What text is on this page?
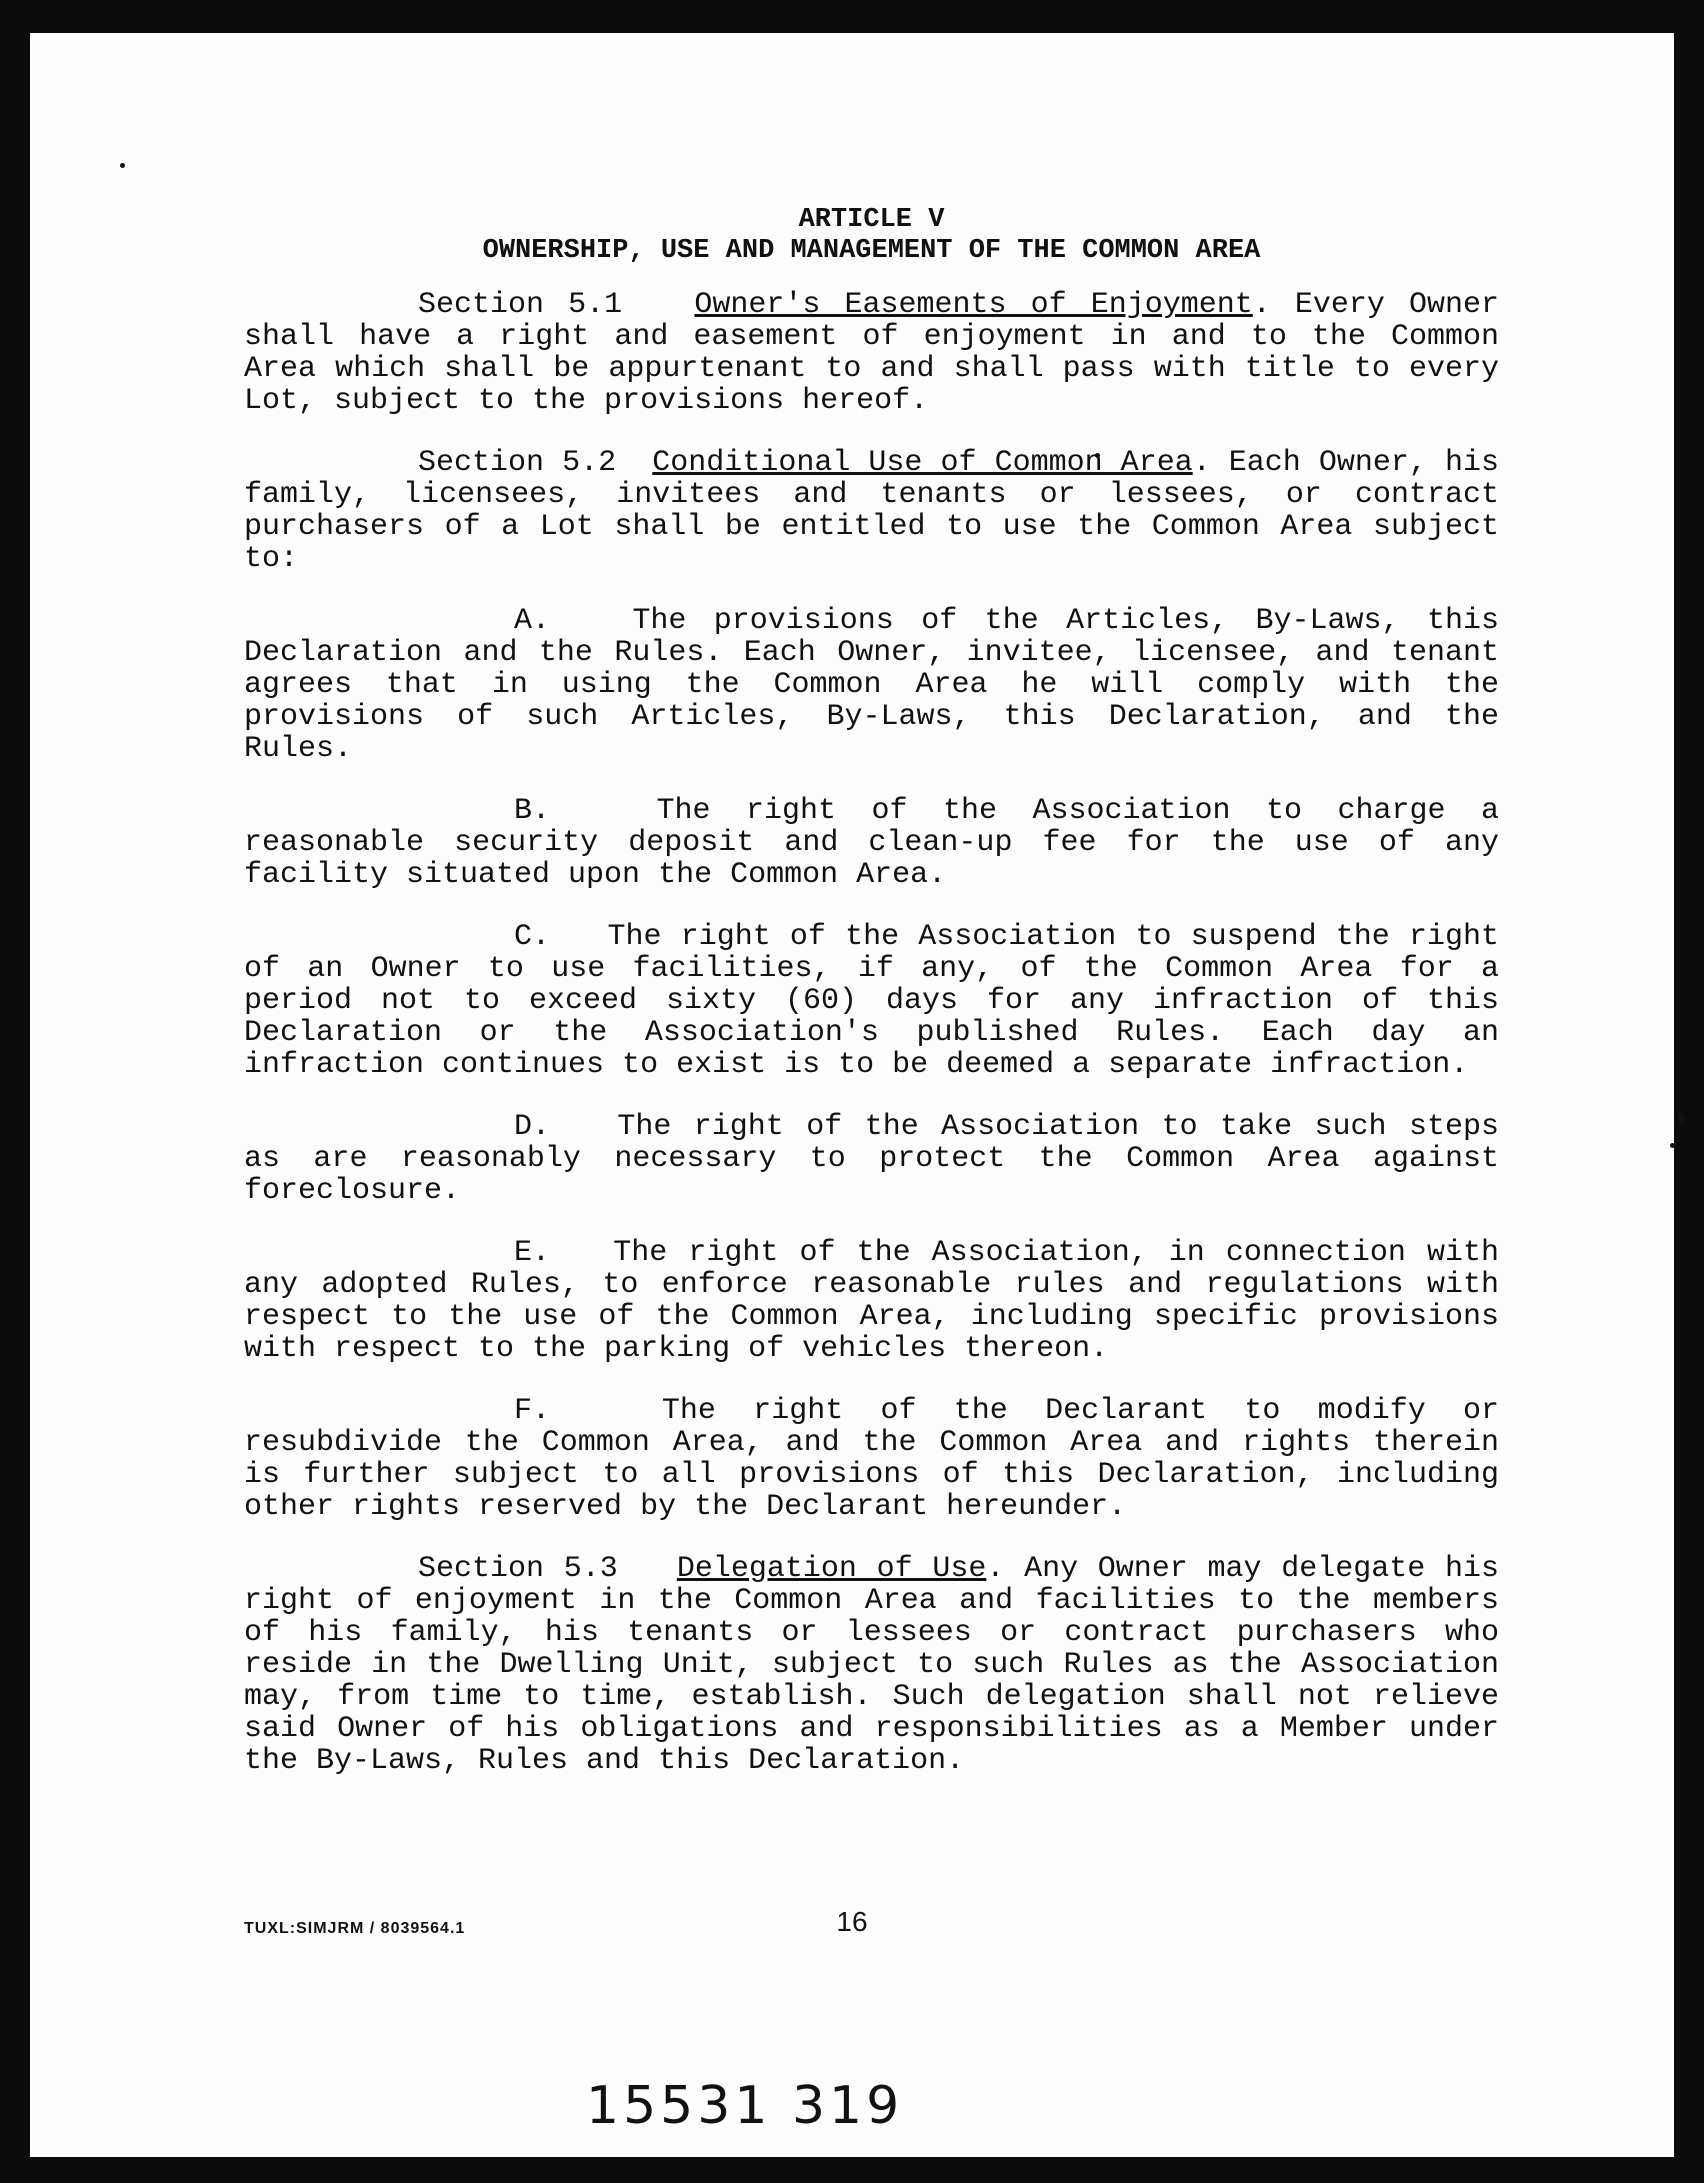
ARTICLE V
OWNERSHIP, USE AND MANAGEMENT OF THE COMMON AREA

Section 5.1 Owner's Easements of Enjoyment. Every Owner shall have a right and easement of enjoyment in and to the Common Area which shall be appurtenant to and shall pass with title to every Lot, subject to the provisions hereof.

Section 5.2 Conditional Use of Common Area. Each Owner, his family, licensees, invitees and tenants or lessees, or contract purchasers of a Lot shall be entitled to use the Common Area subject to:

A.	The provisions of the Articles, By-Laws, this Declaration and the Rules. Each Owner, invitee, licensee, and tenant agrees that in using the Common Area he will comply with the provisions of such Articles, By-Laws, this Declaration, and the Rules.

B.	The right of the Association to charge a reasonable security deposit and clean-up fee for the use of any facility situated upon the Common Area.

C. The right of the Association to suspend the right of an Owner to use facilities, if any, of the Common Area for a period not to exceed sixty (60) days for any infraction of this Declaration or the Association's published Rules. Each day an infraction continues to exist is to be deemed a separate infraction.

D. The right of the Association to take such steps as are reasonably necessary to protect the Common Area against foreclosure.

E. The right of the Association, in connection with any adopted Rules, to enforce reasonable rules and regulations with respect to the use of the Common Area, including specific provisions with respect to the parking of vehicles thereon.

F.	The right of the Declarant to modify or resubdivide the Common Area, and the Common Area and rights therein is further subject to all provisions of this Declaration, including other rights reserved by the Declarant hereunder.

Section 5.3 Delegation of Use. Any Owner may delegate his right of enjoyment in the Common Area and facilities to the members of his family, his tenants or lessees or contract purchasers who reside in the Dwelling Unit, subject to such Rules as the Association may, from time to time, establish. Such delegation shall not relieve said Owner of his obligations and responsibilities as a Member under the By-Laws, Rules and this Declaration.

16
TUXL:SIMJRM / 8039564.1
15531 319
